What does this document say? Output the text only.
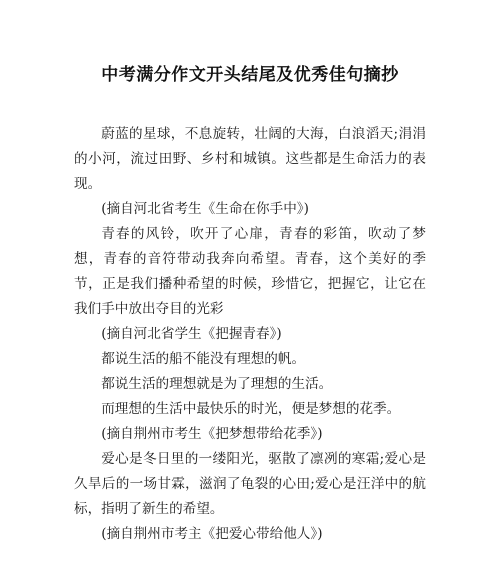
中考满分作文开头结尾及优秀佳句摘抄

蔚蓝的星球，不息旋转，壮阔的大海，白浪滔天;涓涓的小河，流过田野、乡村和城镇。这些都是生命活力的表现。

(摘自河北省考生《生命在你手中》)

青春的风铃，吹开了心扉，青春的彩笛，吹动了梦想，青春的音符带动我奔向希望。青春，这个美好的季节，正是我们播种希望的时候，珍惜它，把握它，让它在我们手中放出夺目的光彩

(摘自河北省学生《把握青春》)

都说生活的船不能没有理想的帆。

都说生活的理想就是为了理想的生活。

而理想的生活中最快乐的时光，便是梦想的花季。

(摘自荆州市考生《把梦想带给花季》)

爱心是冬日里的一缕阳光，驱散了凛冽的寒霜;爱心是久旱后的一场甘霖，滋润了龟裂的心田;爱心是汪洋中的航标，指明了新生的希望。

(摘自荆州市考主《把爱心带给他人》)
